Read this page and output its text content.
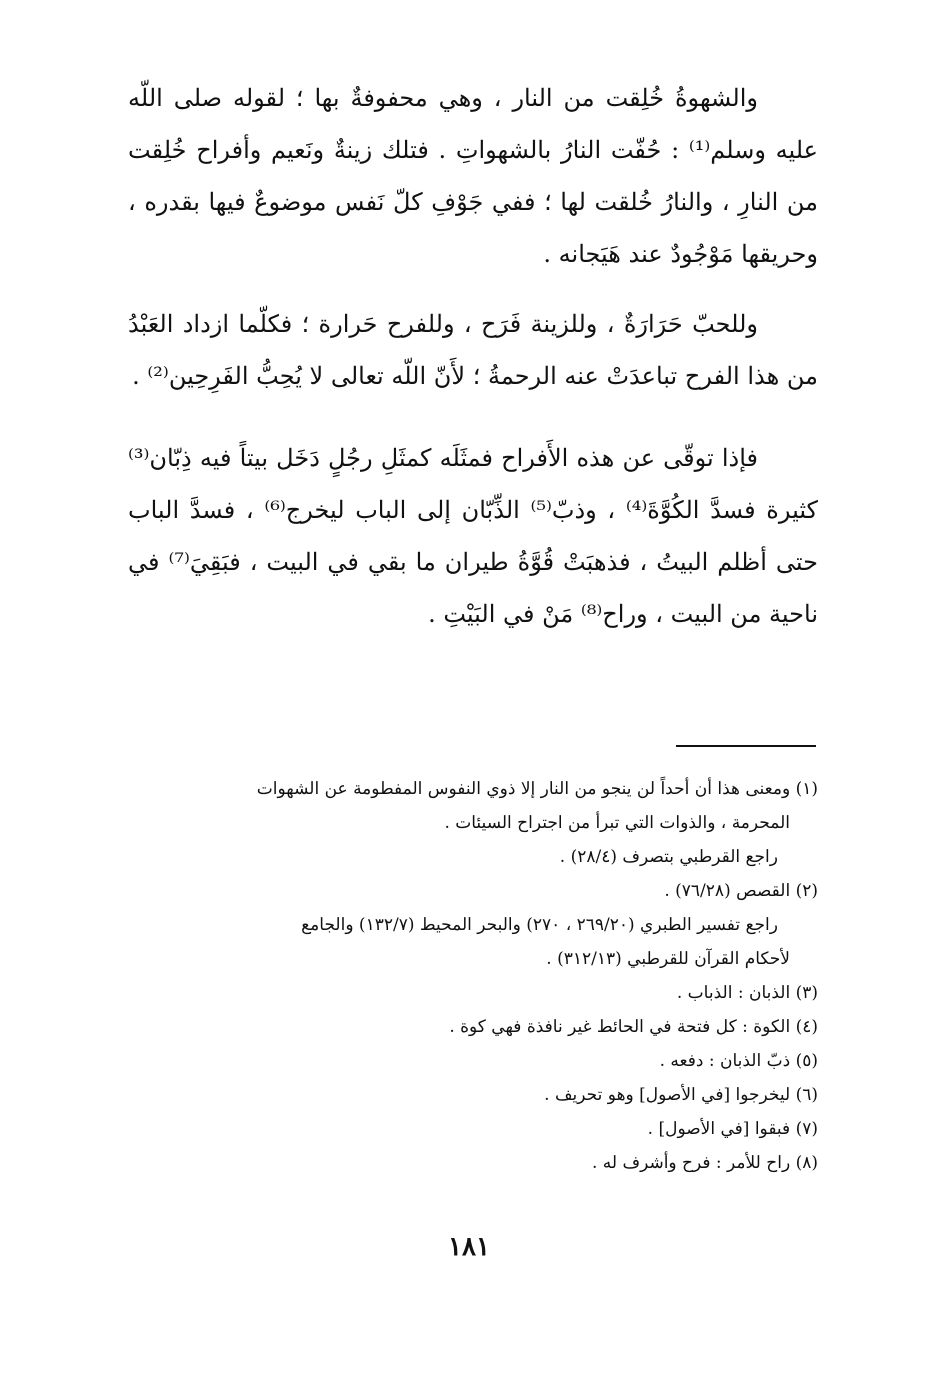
والشهوةُ خُلِقت من النار ، وهي محفوفةٌ بها ؛ لقوله صلى اللّه عليه وسلم⁽¹⁾ : حُفّت النارُ بالشهواتِ . فتلك زينةٌ ونَعيم وأفراح خُلِقت من النارِ ، والنارُ خُلقت لها ؛ ففي جَوْفِ كلّ نَفس موضوعٌ فيها بقدره ، وحريقها مَوْجُودٌ عند هَيَجانه .

وللحبّ حَرَارَةٌ ، وللزينة فَرَح ، وللفرح حَرارة ؛ فكلّما ازداد العَبْدُ من هذا الفرح تباعدَتْ عنه الرحمةُ ؛ لأَنّ اللّه تعالى لا يُحِبُّ الفَرِحِين⁽²⁾ .

فإذا توقّى عن هذه الأَفراح فمثَلَه كمثَلِ رجُلٍ دَخَل بيتاً فيه ذِبّان⁽³⁾ كثيرة فسدَّ الكُوَّةَ⁽⁴⁾ ، وذبّ⁽⁵⁾ الذِّبّان إلى الباب ليخرج⁽⁶⁾ ، فسدَّ الباب حتى أظلم البيتُ ، فذهبَتْ قُوَّةُ طيران ما بقي في البيت ، فبَقِيَ⁽⁷⁾ في ناحية من البيت ، وراح⁽⁸⁾ مَنْ في البَيْتِ .

(١) ومعنى هذا أن أحداً لن ينجو من النار إلا ذوي النفوس المفطومة عن الشهوات

المحرمة ، والذوات التي تبرأ من اجتراح السيئات .

راجع القرطبي بتصرف (٢٨/٤) .

(٢) القصص (٧٦/٢٨) .

راجع تفسير الطبري (٢٦٩/٢٠ ، ٢٧٠) والبحر المحيط (١٣٢/٧) والجامع

لأحكام القرآن للقرطبي (٣١٢/١٣) .

(٣) الذبان : الذباب .

(٤) الكوة : كل فتحة في الحائط غير نافذة فهي كوة .

(٥) ذبّ الذبان : دفعه .

(٦) ليخرجوا [في الأصول] وهو تحريف .

(٧) فبقوا [في الأصول] .

(٨) راح للأمر : فرح وأشرف له .

١٨١
